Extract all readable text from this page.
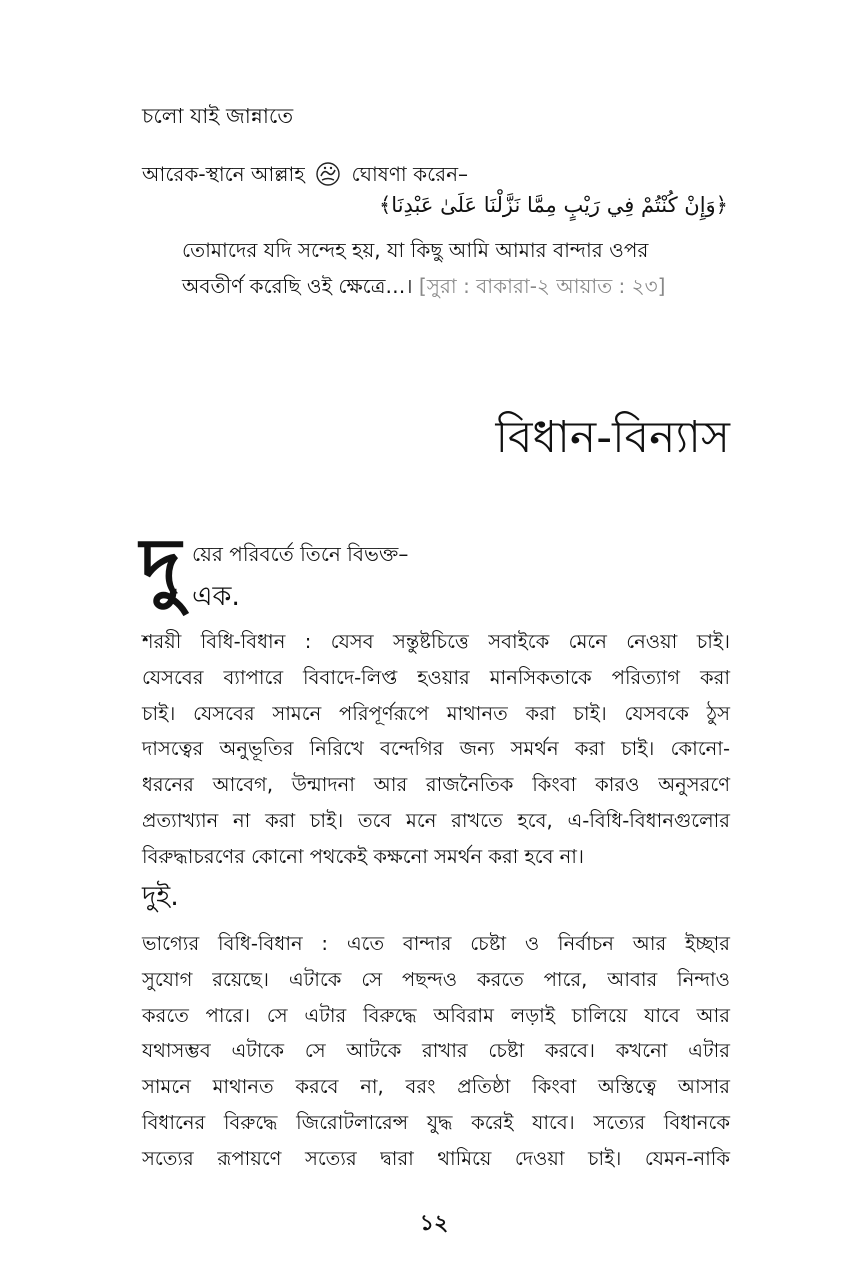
চলো যাই জান্নাতে
আরেক-স্থানে আল্লাহ ঘোষণা করেন–
﴿وَإِنْ كُنْتُمْ فِي رَيْبٍ مِمَّا نَزَّلْنَا عَلَىٰ عَبْدِنَا﴾
তোমাদের যদি সন্দেহ হয়, যা কিছু আমি আমার বান্দার ওপর
অবতীর্ণ করেছি ওই ক্ষেত্রে…। [সুরা : বাকারা-২ আয়াত : ২৩]
বিধান-বিন্যাস
দু য়ের পরিবর্তে তিনে বিভক্ত–
এক.
শরয়ী বিধি-বিধান : যেসব সন্তুষ্টচিত্তে সবাইকে মেনে নেওয়া চাই।
যেসবের ব্যাপারে বিবাদে-লিপ্ত হওয়ার মানসিকতাকে পরিত্যাগ করা
চাই। যেসবের সামনে পরিপূর্ণরূপে মাথানত করা চাই। যেসবকে ঠুস
দাসত্বের অনুভূতির নিরিখে বন্দেগির জন্য সমর্থন করা চাই। কোনো-
ধরনের আবেগ, উন্মাদনা আর রাজনৈতিক কিংবা কারও অনুসরণে
প্রত্যাখ্যান না করা চাই। তবে মনে রাখতে হবে, এ-বিধি-বিধানগুলোর
বিরুদ্ধাচরণের কোনো পথকেই কক্ষনো সমর্থন করা হবে না।
দুই.
ভাগ্যের বিধি-বিধান : এতে বান্দার চেষ্টা ও নির্বাচন আর ইচ্ছার
সুযোগ রয়েছে। এটাকে সে পছন্দও করতে পারে, আবার নিন্দাও
করতে পারে। সে এটার বিরুদ্ধে অবিরাম লড়াই চালিয়ে যাবে আর
যথাসম্ভব এটাকে সে আটকে রাখার চেষ্টা করবে। কখনো এটার
সামনে মাথানত করবে না, বরং প্রতিষ্ঠা কিংবা অস্তিত্বে আসার
বিধানের বিরুদ্ধে জিরোটলারেন্স যুদ্ধ করেই যাবে। সত্যের বিধানকে
সত্যের রূপায়ণে সত্যের দ্বারা থামিয়ে দেওয়া চাই। যেমন-নাকি
১২
